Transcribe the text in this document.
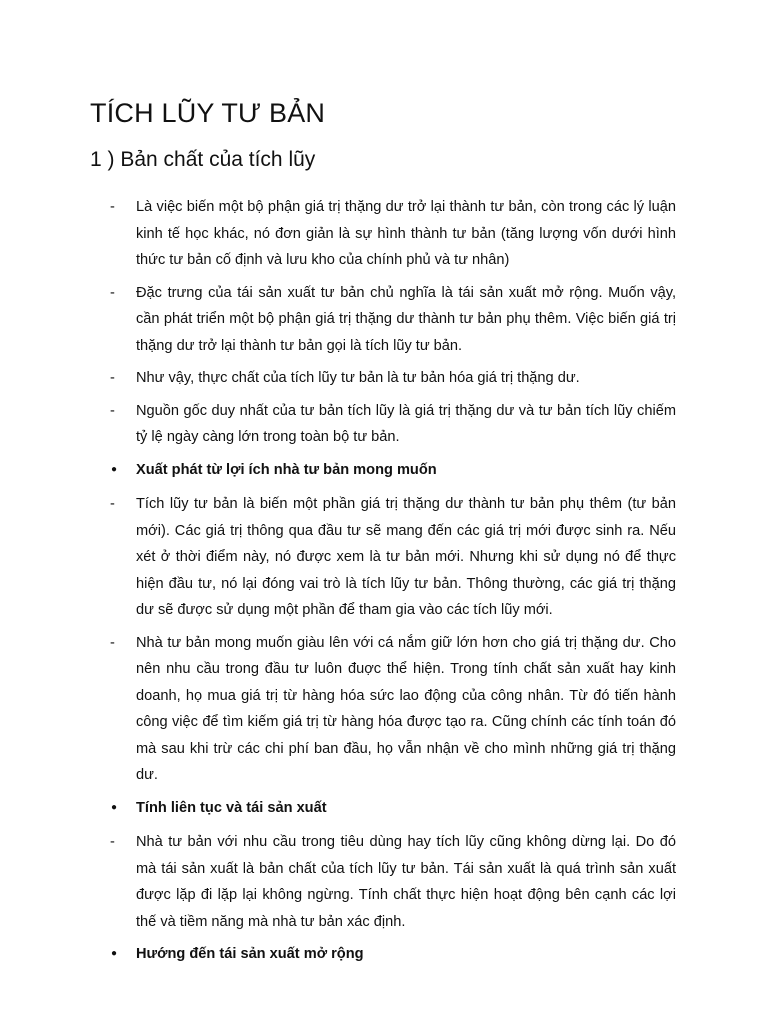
TÍCH LŨY TƯ BẢN
1 ) Bản chất của tích lũy
-	Là việc biến một bộ phận giá trị thặng dư trở lại thành tư bản, còn trong các lý luận kinh tế học khác, nó đơn giản là sự hình thành tư bản (tăng lượng vốn dưới hình thức tư bản cố định và lưu kho của chính phủ và tư nhân)
-	Đặc trưng của tái sản xuất tư bản chủ nghĩa là tái sản xuất mở rộng. Muốn vậy, cần phát triển một bộ phận giá trị thặng dư thành tư bản phụ thêm. Việc biến giá trị thặng dư trở lại thành tư bản gọi là tích lũy tư bản.
-	Như vậy, thực chất của tích lũy tư bản là tư bản hóa giá trị thặng dư.
-	Nguồn gốc duy nhất của tư bản tích lũy là giá trị thặng dư và tư bản tích lũy chiếm tỷ lệ ngày càng lớn trong toàn bộ tư bản.
●	Xuất phát từ lợi ích nhà tư bản mong muốn
-	Tích lũy tư bản là biến một phần giá trị thặng dư thành tư bản phụ thêm (tư bản mới). Các giá trị thông qua đầu tư sẽ mang đến các giá trị mới được sinh ra. Nếu xét ở thời điểm này, nó được xem là tư bản mới. Nhưng khi sử dụng nó để thực hiện đầu tư, nó lại đóng vai trò là tích lũy tư bản. Thông thường, các giá trị thặng dư sẽ được sử dụng một phần để tham gia vào các tích lũy mới.
-	Nhà tư bản mong muốn giàu lên với cá nắm giữ lớn hơn cho giá trị thặng dư. Cho nên nhu cầu trong đầu tư luôn đuợc thể hiện. Trong tính chất sản xuất hay kinh doanh, họ mua giá trị từ hàng hóa sức lao động của công nhân. Từ đó tiến hành công việc để tìm kiếm giá trị từ hàng hóa được tạo ra. Cũng chính các tính toán đó mà sau khi trừ các chi phí ban đầu, họ vẫn nhận về cho mình những giá trị thặng dư.
●	Tính liên tục và tái sản xuất
-	Nhà tư bản với nhu cầu trong tiêu dùng hay tích lũy cũng không dừng lại. Do đó mà tái sản xuất là bản chất của tích lũy tư bản. Tái sản xuất là quá trình sản xuất được lặp đi lặp lại không ngừng. Tính chất thực hiện hoạt động bên cạnh các lợi thế và tiềm năng mà nhà tư bản xác định.
●	Hướng đến tái sản xuất mở rộng
